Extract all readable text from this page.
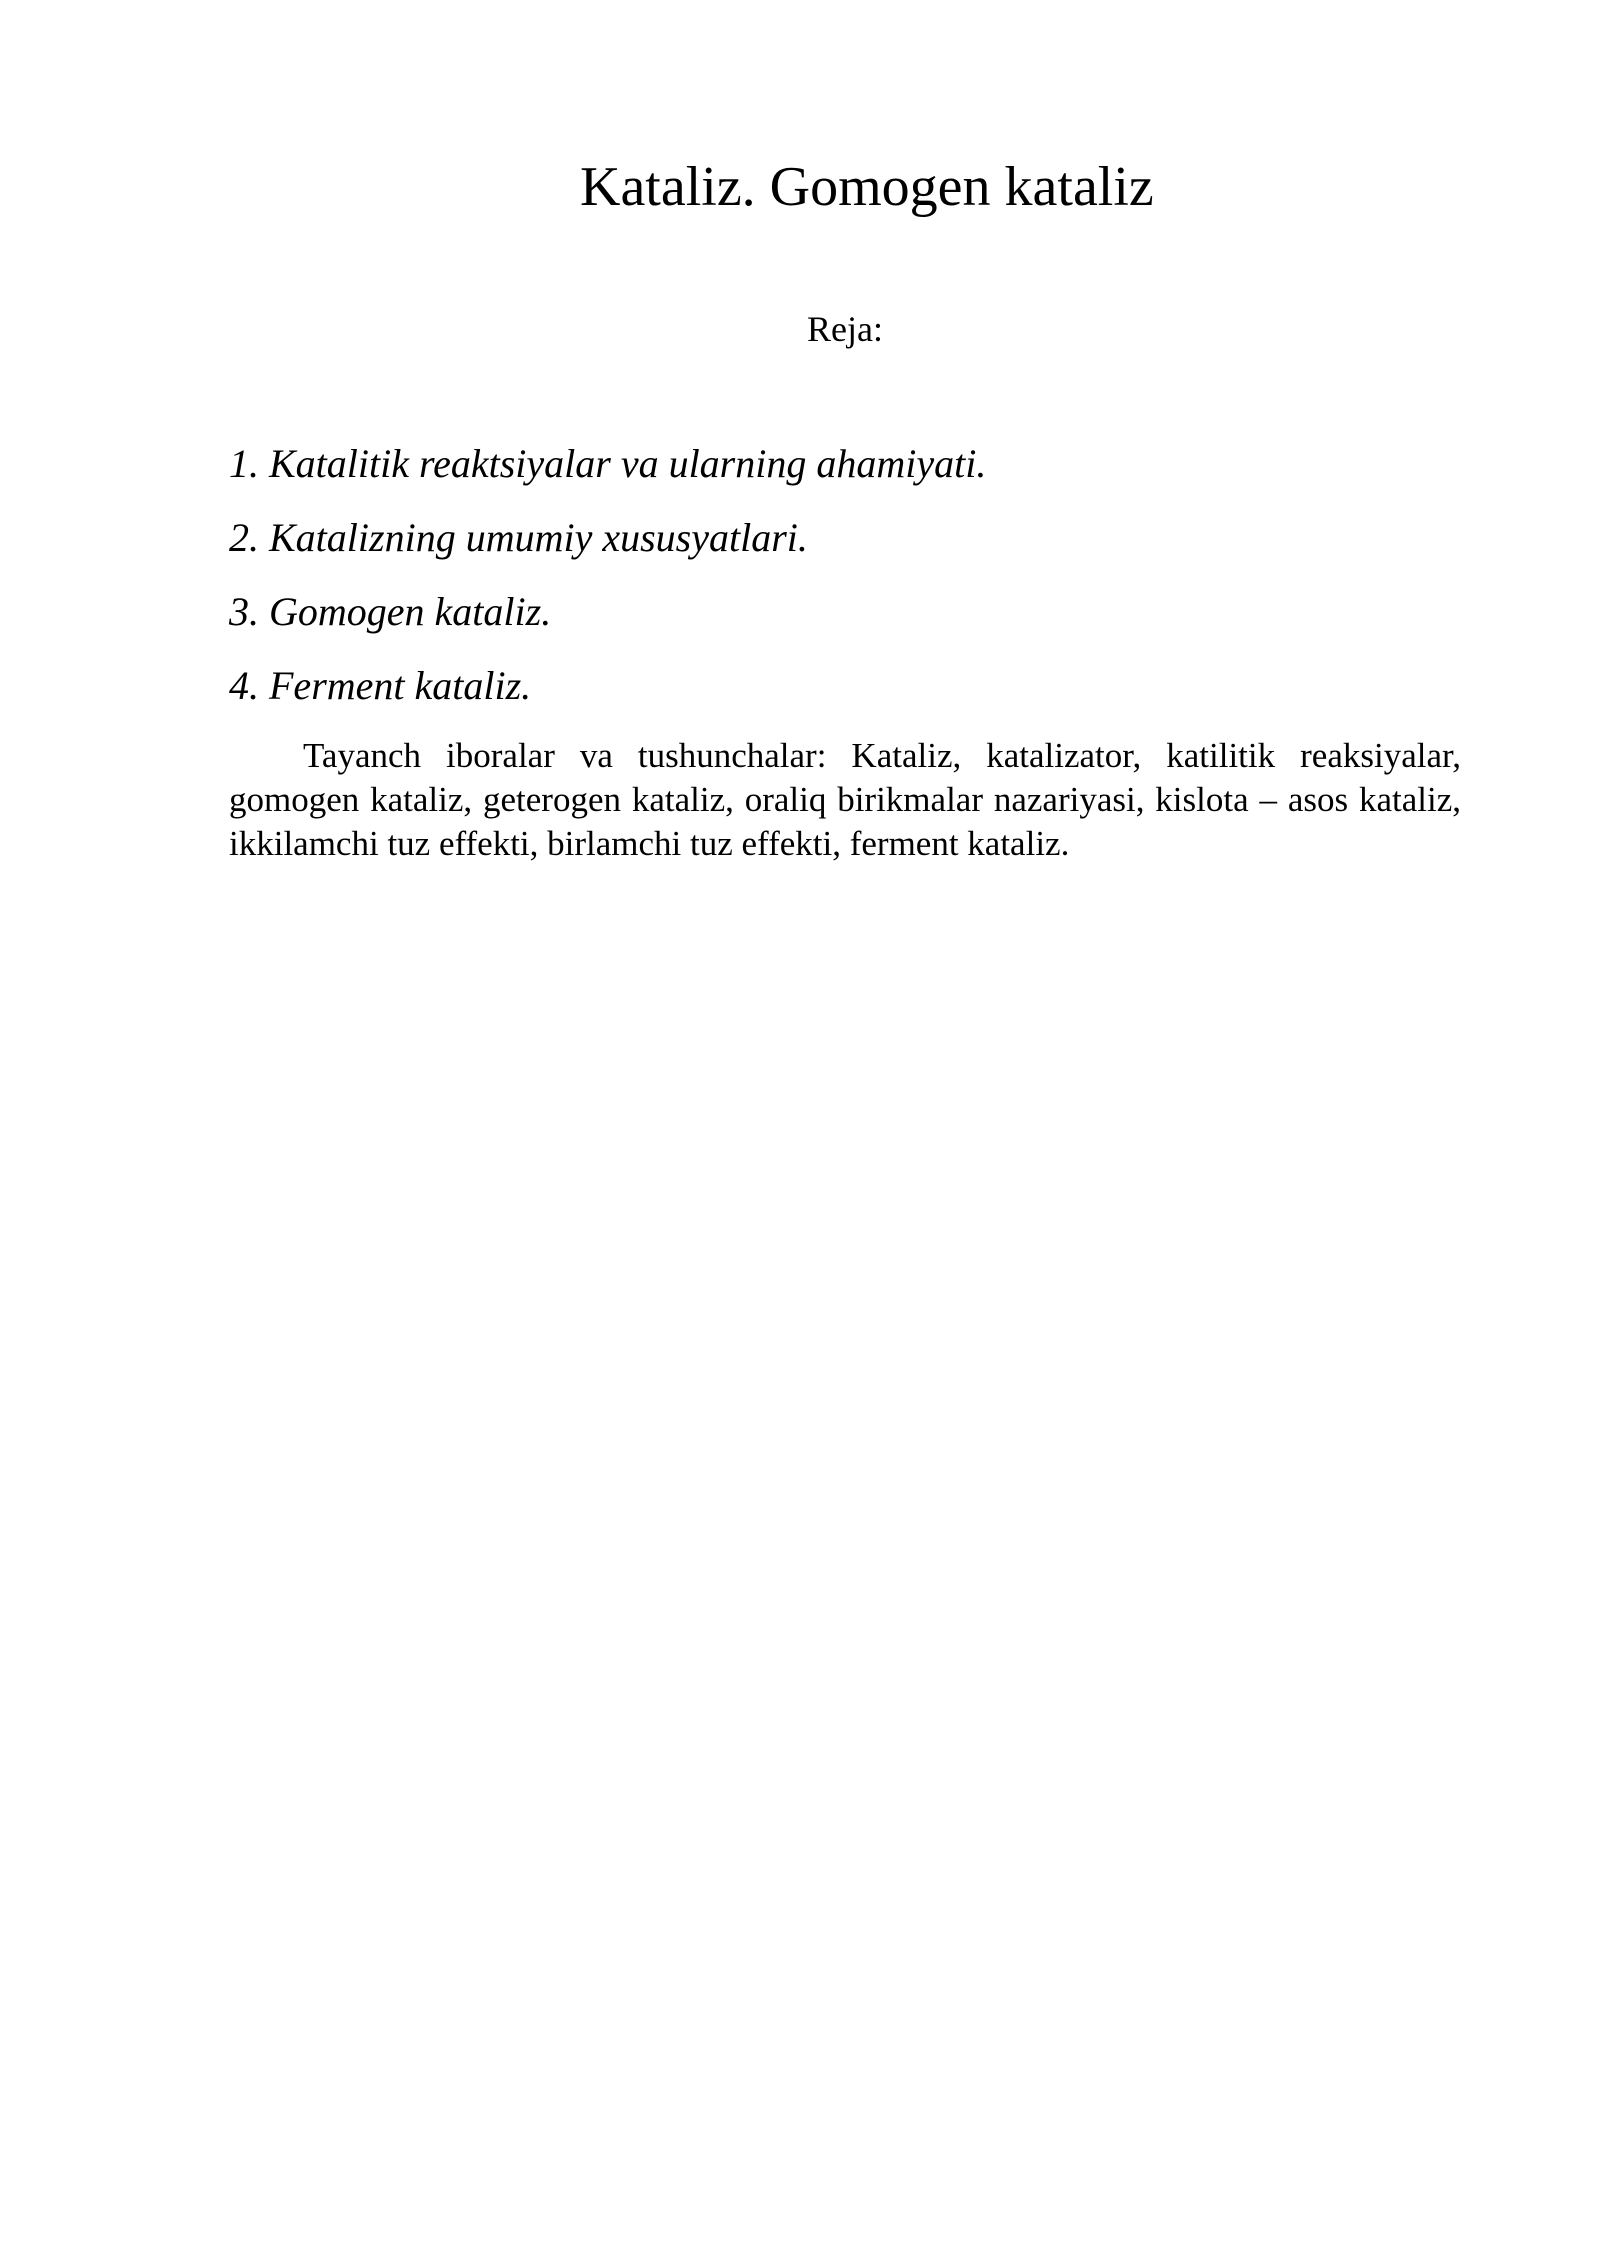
Kataliz. Gomogen kataliz
Reja:
1. Katalitik reaktsiyalar va ularning ahamiyati.
2. Katalizning umumiy xususyatlari.
3. Gomogen kataliz.
4. Ferment kataliz.

Tayanch iboralar va tushunchalar: Kataliz, katalizator, katilitik reaksiyalar, gomogen kataliz, geterogen kataliz, oraliq birikmalar nazariyasi, kislota – asos kataliz, ikkilamchi tuz effekti, birlamchi tuz effekti, ferment kataliz.
